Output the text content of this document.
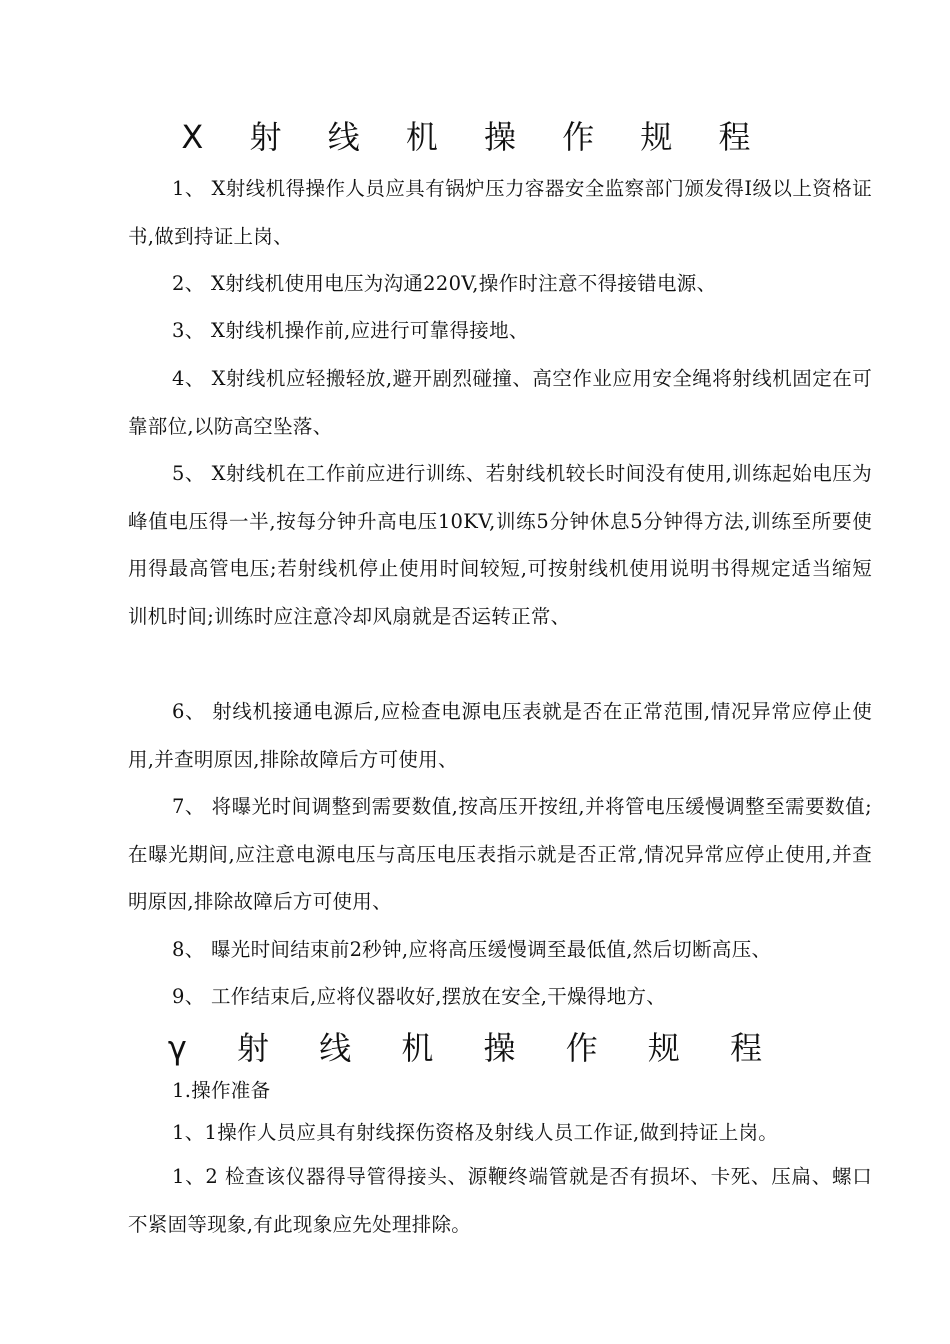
X 射 线 机 操 作 规 程

1、 X射线机得操作人员应具有锅炉压力容器安全监察部门颁发得I级以上资格证书,做到持证上岗、

2、 X射线机使用电压为沟通220V,操作时注意不得接错电源、

3、 X射线机操作前,应进行可靠得接地、

4、 X射线机应轻搬轻放,避开剧烈碰撞、高空作业应用安全绳将射线机固定在可靠部位,以防高空坠落、

5、 X射线机在工作前应进行训练、若射线机较长时间没有使用,训练起始电压为峰值电压得一半,按每分钟升高电压10KV,训练5分钟休息5分钟得方法,训练至所要使用得最高管电压;若射线机停止使用时间较短,可按射线机使用说明书得规定适当缩短训机时间;训练时应注意冷却风扇就是否运转正常、

6、 射线机接通电源后,应检查电源电压表就是否在正常范围,情况异常应停止使用,并查明原因,排除故障后方可使用、

7、 将曝光时间调整到需要数值,按高压开按纽,并将管电压缓慢调整至需要数值;在曝光期间,应注意电源电压与高压电压表指示就是否正常,情况异常应停止使用,并查明原因,排除故障后方可使用、

8、 曝光时间结束前2秒钟,应将高压缓慢调至最低值,然后切断高压、

9、 工作结束后,应将仪器收好,摆放在安全,干燥得地方、

γ 射 线 机 操 作 规 程

1.操作准备

1、1操作人员应具有射线探伤资格及射线人员工作证,做到持证上岗。

1、2 检查该仪器得导管得接头、源鞭终端管就是否有损坏、卡死、压扁、螺口 不紧固等现象,有此现象应先处理排除。
